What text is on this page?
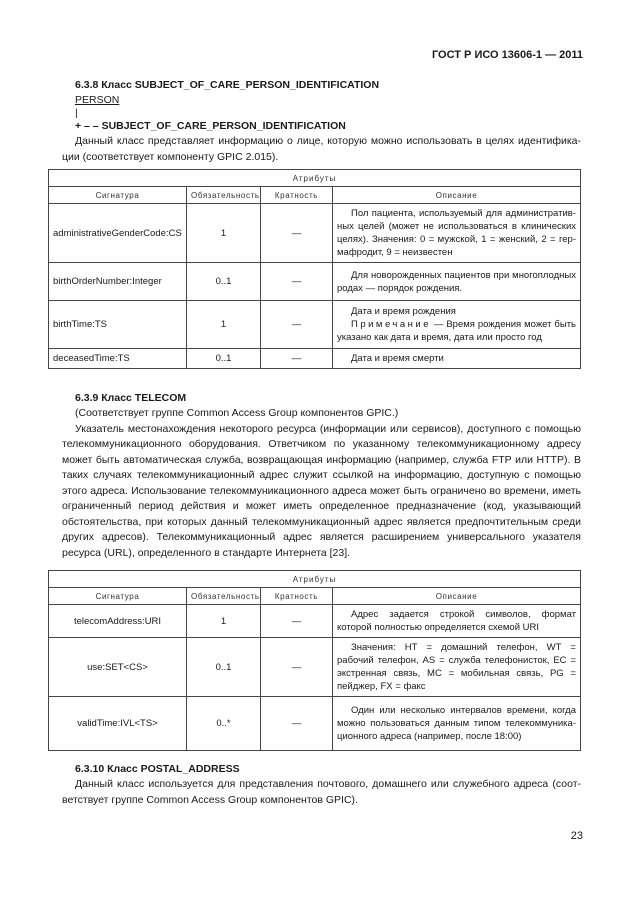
ГОСТ Р ИСО 13606-1 — 2011
6.3.8 Класс SUBJECT_OF_CARE_PERSON_IDENTIFICATION
PERSON
|
+ – – SUBJECT_OF_CARE_PERSON_IDENTIFICATION
Данный класс представляет информацию о лице, которую можно использовать в целях идентификации (соответствует компоненту GPIC 2.015).
Атрибуты			
Сигнатура	Обязательность	Кратность	Описание
administrativeGenderCode:CS	1	—	Пол пациента, используемый для административных целей (может не использоваться в клинических целях). Значения: 0 = мужской, 1 = женский, 2 = гермафродит, 9 = неизвестен

birthOrderNumber:Integer	0..1	—	Для новорожденных пациентов при многоплодных родах — порядок рождения.

birthTime:TS	1	—	Дата и время рождения
Примечание — Время рождения может быть указано как дата и время, дата или просто год

deceasedTime:TS	0..1	—	Дата и время смерти
6.3.9 Класс TELECOM
(Соответствует группе Common Access Group компонентов GPIC.)
Указатель местонахождения некоторого ресурса (информации или сервисов), доступного с помощью телекоммуникационного оборудования. Ответчиком по указанному телекоммуникационному адресу может быть автоматическая служба, возвращающая информацию (например, служба FTP или HTTP). В таких случаях телекоммуникационный адрес служит ссылкой на информацию, доступную с помощью этого адреса. Использование телекоммуникационного адреса может быть ограничено во времени, иметь ограниченный период действия и может иметь определенное предназначение (код, указывающий обстоятельства, при которых данный телекоммуникационный адрес является предпочтительным среди других адресов). Телекоммуникационный адрес является расширением универсального указателя ресурса (URL), определенного в стандарте Интернета [23].
Атрибуты			
Сигнатура	Обязательность	Кратность	Описание
telecomAddress:URI	1	—	Адрес задается строкой символов, формат которой полностью определяется схемой URI

use:SET<CS>	0..1	—	Значения: HT = домашний телефон, WT = рабочий телефон, AS = служба телефонисток, EC = экстренная связь, MC = мобильная связь, PG = пейджер, FX = факс

validTime:IVL<TS>	0..*	—	Один или несколько интервалов времени, когда можно пользоваться данным типом телекоммуникационного адреса (например, после 18:00)
6.3.10 Класс POSTAL_ADDRESS
Данный класс используется для представления почтового, домашнего или служебного адреса (соответствует группе Common Access Group компонентов GPIC).
23
